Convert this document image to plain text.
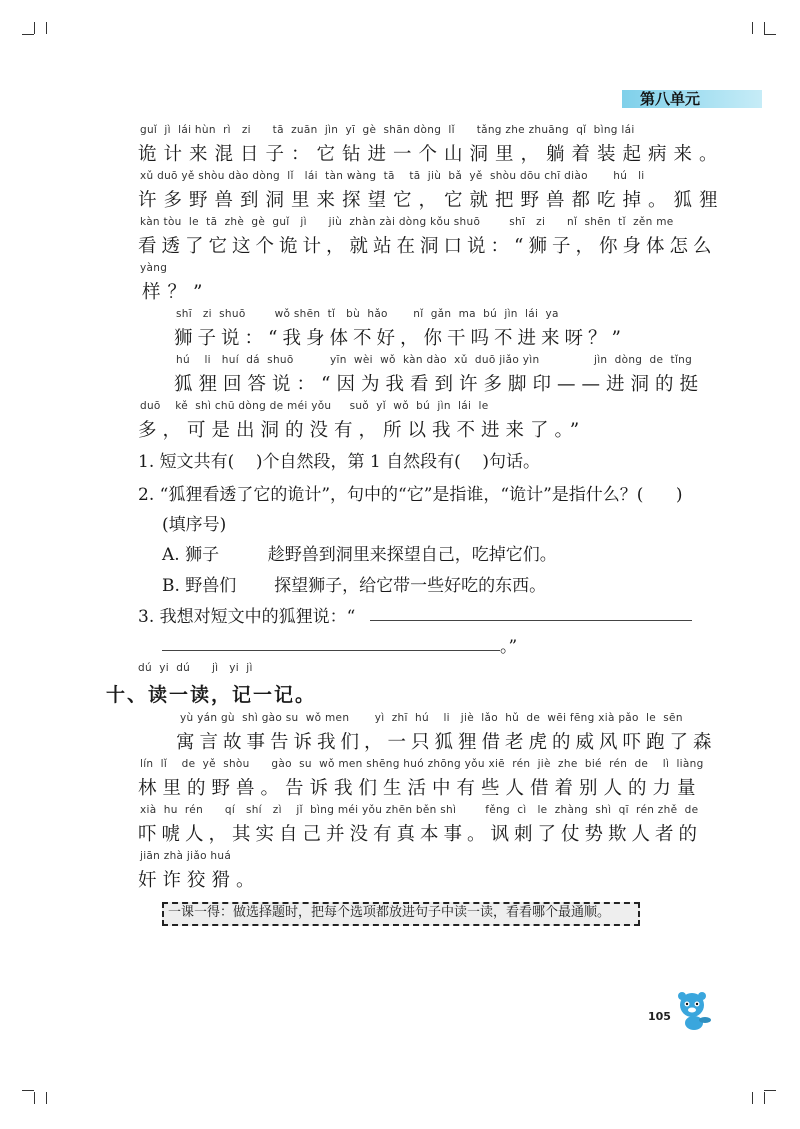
第八单元
guǐ  jì  lái hùn  rì   zi      tā  zuān  jìn  yī  gè  shān dòng  lǐ      tǎng zhe zhuāng  qǐ  bìng lái
诡计来混日子：它钻进一个山洞里，躺着装起病来。
xǔ duō yě shòu dào dòng  lǐ   lái  tàn wàng  tā    tā  jiù  bǎ  yě  shòu dōu chī diào       hú   li
许多野兽到洞里来探望它，它就把野兽都吃掉。狐狸
kàn tòu  le  tā  zhè  gè  guǐ   jì      jiù  zhàn zài dòng kǒu shuō        shī   zi      nǐ  shēn  tǐ  zěn me
看透了它这个诡计，就站在洞口说：“狮子，你身体怎么
yàng
样？”
shī   zi  shuō        wǒ shēn  tǐ   bù  hǎo       nǐ  gǎn  ma  bú  jìn  lái  ya
狮子说：“我身体不好，你干吗不进来呀？”
hú    li   huí  dá  shuō          yīn  wèi  wǒ  kàn dào  xǔ  duō jiǎo yìn               jìn  dòng  de  tǐng
狐狸回答说：“因为我看到许多脚印——进洞的挺
duō    kě  shì chū dòng de méi yǒu     suǒ  yǐ  wǒ  bú  jìn  lái  le
多，可是出洞的没有，所以我不进来了。”
1. 短文共有(    )个自然段，第 1 自然段有(    )句话。
2. “狐狸看透了它的诡计”，句中的“它”是指谁，“诡计”是指什么？(      )
(填序号)
A. 狮子         趁野兽到洞里来探望自己，吃掉它们。
B. 野兽们       探望狮子，给它带一些好吃的东西。
3. 我想对短文中的狐狸说：“
。”
dú  yi  dú      jì   yi  jì
十、读一读，记一记。
yù yán gù  shì gào su  wǒ men       yì  zhī  hú    li   jiè  lǎo  hǔ  de  wēi fēng xià pǎo  le  sēn
寓言故事告诉我们，一只狐狸借老虎的威风吓跑了森
lín  lǐ    de  yě  shòu      gào  su  wǒ men shēng huó zhōng yǒu xiē  rén  jiè  zhe  bié  rén  de    lì  liàng
林里的野兽。告诉我们生活中有些人借着别人的力量
xià  hu  rén      qí   shí   zì    jǐ  bìng méi yǒu zhēn běn shì        fěng  cì   le  zhàng  shì  qī  rén zhě  de
吓唬人，其实自己并没有真本事。讽刺了仗势欺人者的
jiān zhà jiǎo huá
奸诈狡猾。
一课一得：做选择题时，把每个选项都放进句子中读一读，看看哪个最通顺。
105
